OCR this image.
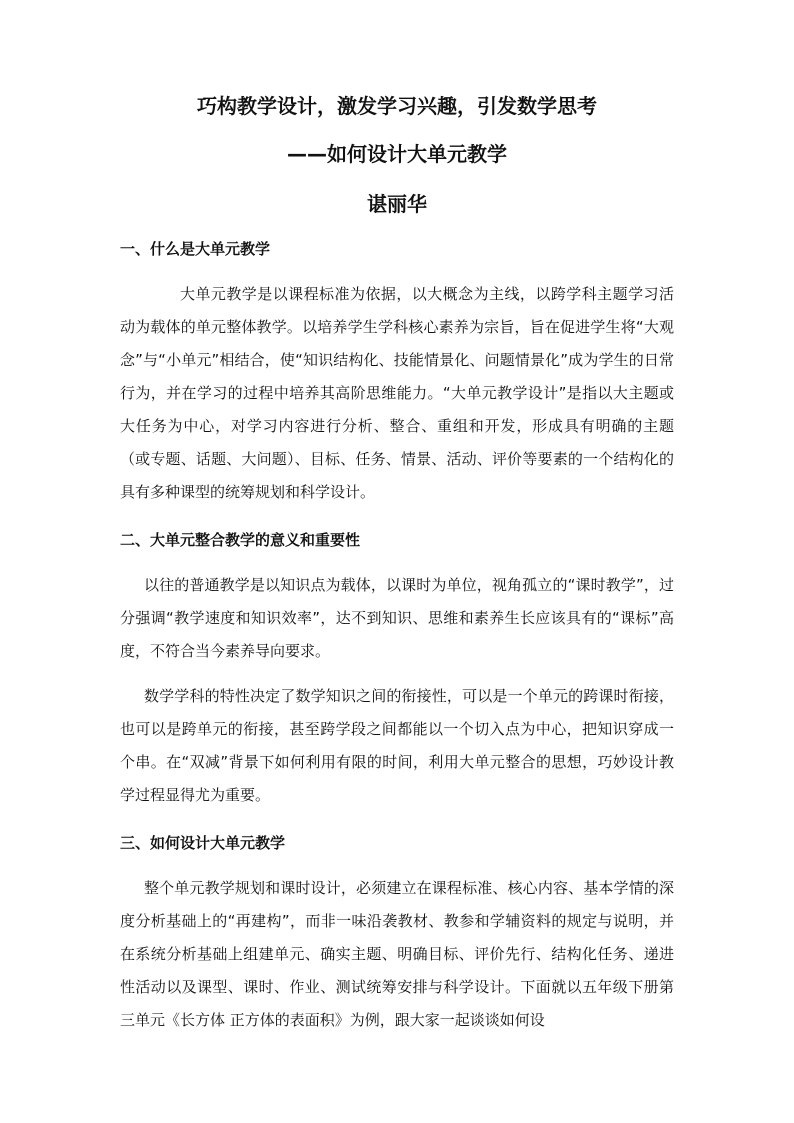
巧构教学设计，激发学习兴趣，引发数学思考
——如何设计大单元教学
谌丽华
一、什么是大单元教学

大单元教学是以课程标准为依据，以大概念为主线，以跨学科主题学习活动为载体的单元整体教学。以培养学生学科核心素养为宗旨，旨在促进学生将“大观念”与“小单元”相结合，使“知识结构化、技能情景化、问题情景化”成为学生的日常行为，并在学习的过程中培养其高阶思维能力。“大单元教学设计”是指以大主题或大任务为中心，对学习内容进行分析、整合、重组和开发，形成具有明确的主题（或专题、话题、大问题）、目标、任务、情景、活动、评价等要素的一个结构化的具有多种课型的统筹规划和科学设计。

二、大单元整合教学的意义和重要性

以往的普通教学是以知识点为载体，以课时为单位，视角孤立的“课时教学”，过分强调“教学速度和知识效率”，达不到知识、思维和素养生长应该具有的“课标”高度，不符合当今素养导向要求。

数学学科的特性决定了数学知识之间的衔接性，可以是一个单元的跨课时衔接，也可以是跨单元的衔接，甚至跨学段之间都能以一个切入点为中心，把知识穿成一个串。在“双减”背景下如何利用有限的时间，利用大单元整合的思想，巧妙设计教学过程显得尤为重要。

三、如何设计大单元教学

整个单元教学规划和课时设计，必须建立在课程标准、核心内容、基本学情的深度分析基础上的“再建构”，而非一味沿袭教材、教参和学辅资料的规定与说明，并在系统分析基础上组建单元、确实主题、明确目标、评价先行、结构化任务、递进性活动以及课型、课时、作业、测试统筹安排与科学设计。下面就以五年级下册第三单元《长方体 正方体的表面积》为例，跟大家一起谈谈如何设
